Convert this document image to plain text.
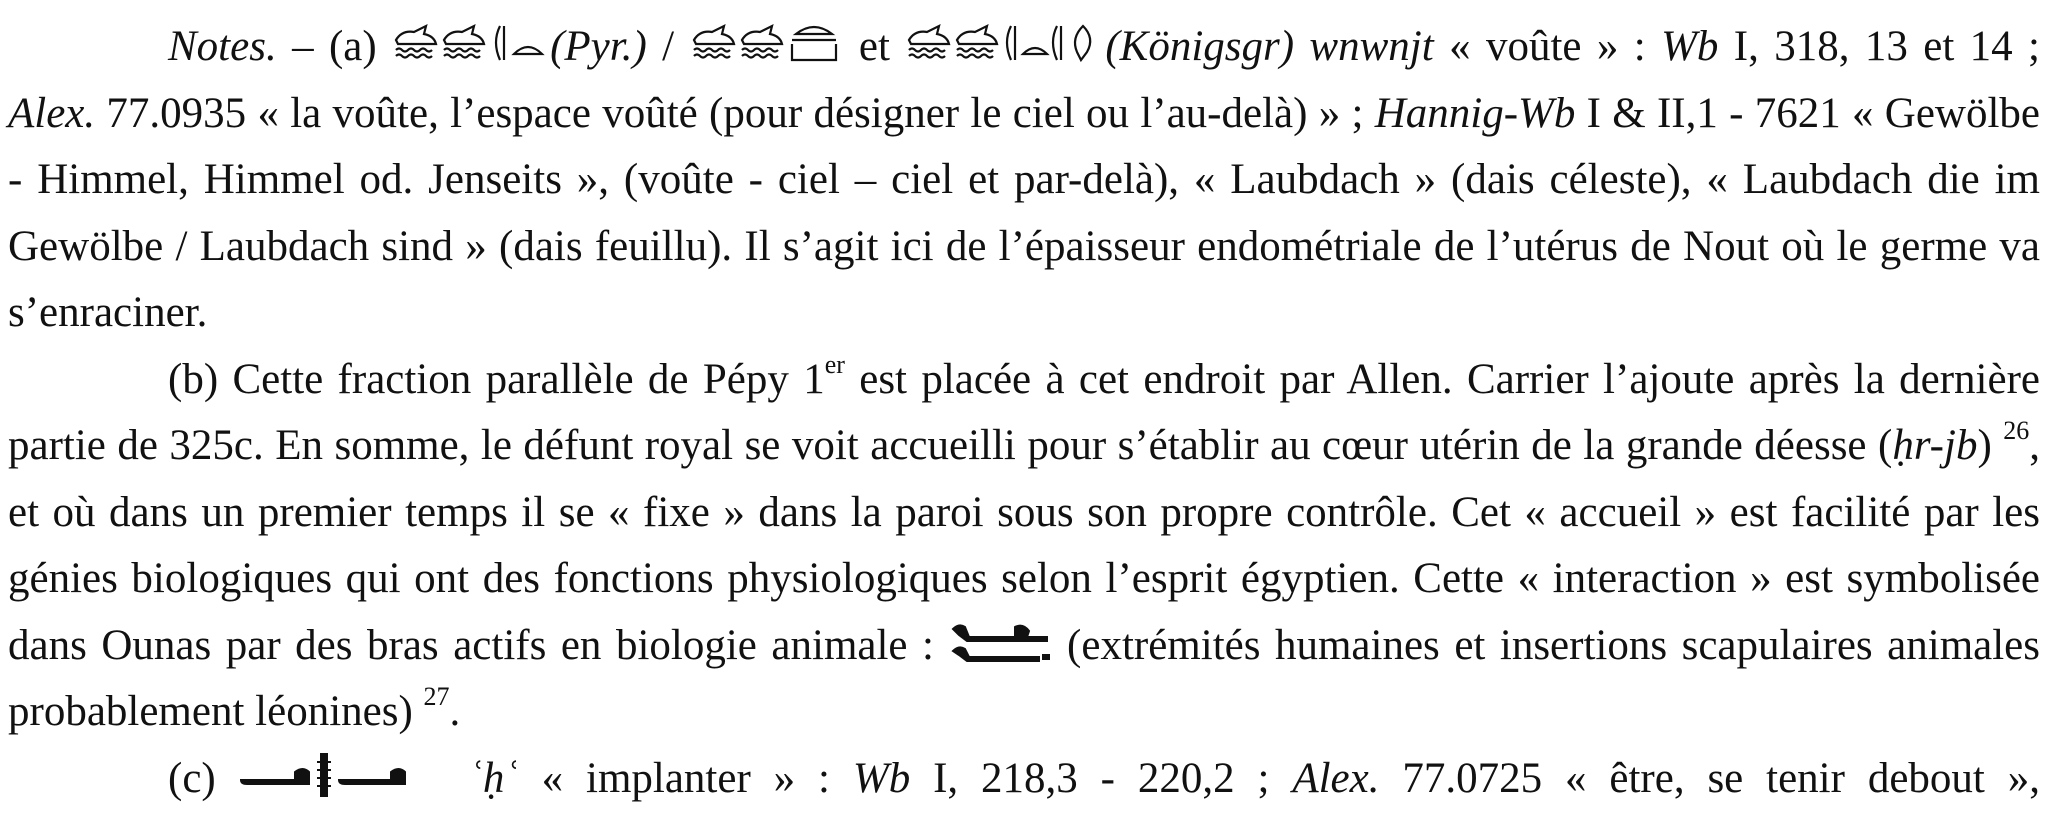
Notes. – (a)	(Pyr.) /	et	(Königsgr) wnwnjt « voûte » : Wb I, 318, 13 et 14 ; Alex. 77.0935 « la voûte, l’espace voûté (pour désigner le ciel ou l’au-delà) » ; Hannig-Wb I & II,1 - 7621 « Gewölbe - Himmel, Himmel od. Jenseits », (voûte - ciel – ciel et par-delà), « Laubdach » (dais céleste), « Laubdach die im Gewölbe / Laubdach sind » (dais feuillu). Il s’agit ici de l’épaisseur endométriale de l’utérus de Nout où le germe va s’enraciner.

(b) Cette fraction parallèle de Pépy 1er est placée à cet endroit par Allen. Carrier l’ajoute après la dernière partie de 325c. En somme, le défunt royal se voit accueilli pour s’établir au cœur utérin de la grande déesse (ḥr-jb) $^{26}$, et où dans un premier temps il se « fixe » dans la paroi sous son propre contrôle. Cet « accueil » est facilité par les génies biologiques qui ont des fonctions physiologiques selon l’esprit égyptien. Cette « interaction » est symbolisée dans Ounas par des bras actifs en biologie animale :
(extrémités humaines et insertions scapulaires animales probablement léonines) $^{27}$.

(c)	ʿḥʿ « implanter » : Wb I, 218,3 - 220,2 ; Alex. 77.0725 « être, se tenir debout »,
